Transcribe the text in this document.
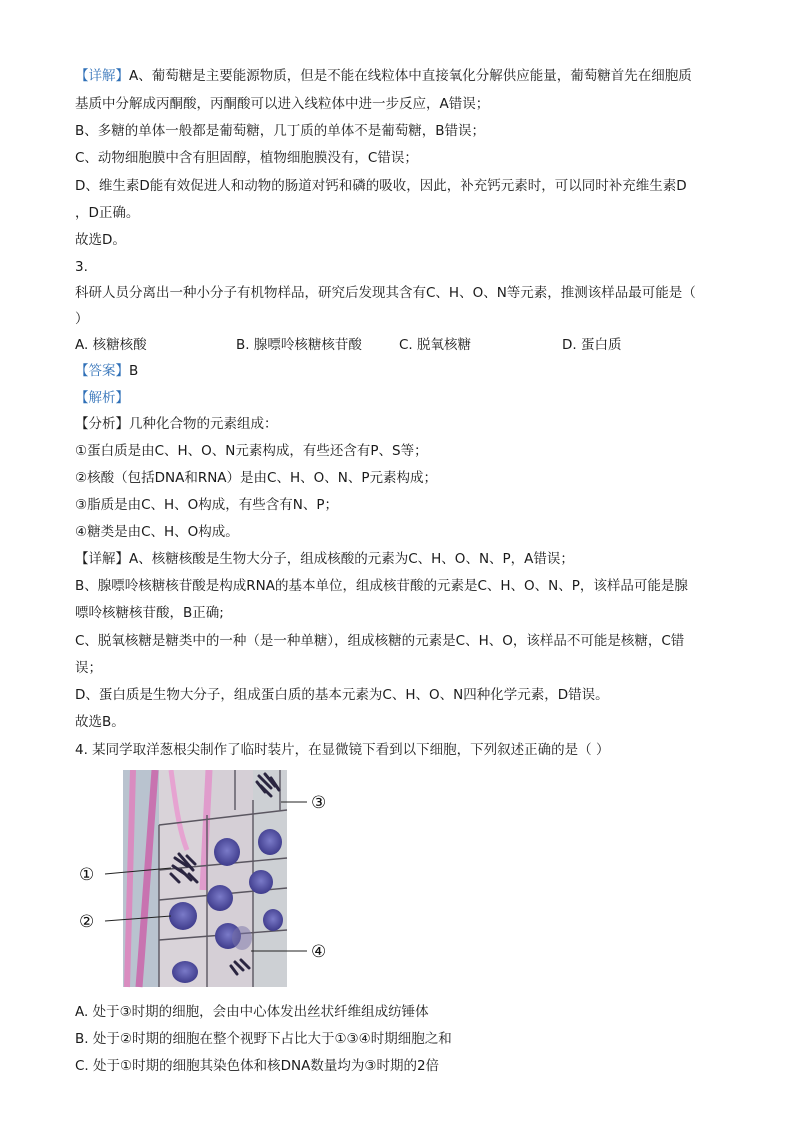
【详解】A、葡萄糖是主要能源物质，但是不能在线粒体中直接氧化分解供应能量，葡萄糖首先在细胞质
基质中分解成丙酮酸，丙酮酸可以进入线粒体中进一步反应，A错误；
B、多糖的单体一般都是葡萄糖，几丁质的单体不是葡萄糖，B错误；
C、动物细胞膜中含有胆固醇，植物细胞膜没有，C错误；
D、维生素D能有效促进人和动物的肠道对钙和磷的吸收，因此，补充钙元素时，可以同时补充维生素D
，D正确。
故选D。
3.
科研人员分离出一种小分子有机物样品，研究后发现其含有C、H、O、N等元素，推测该样品最可能是（
）
A. 核糖核酸	B. 腺嘌呤核糖核苷酸	C. 脱氧核糖	D. 蛋白质
【答案】B
【解析】
【分析】几种化合物的元素组成：
①蛋白质是由C、H、O、N元素构成，有些还含有P、S等；
②核酸（包括DNA和RNA）是由C、H、O、N、P元素构成；
③脂质是由C、H、O构成，有些含有N、P；
④糖类是由C、H、O构成。
【详解】A、核糖核酸是生物大分子，组成核酸的元素为C、H、O、N、P，A错误；
B、腺嘌呤核糖核苷酸是构成RNA的基本单位，组成核苷酸的元素是C、H、O、N、P，该样品可能是腺
嘌呤核糖核苷酸，B正确;
C、脱氧核糖是糖类中的一种（是一种单糖），组成核糖的元素是C、H、O，该样品不可能是核糖，C错
误；
D、蛋白质是生物大分子，组成蛋白质的基本元素为C、H、O、N四种化学元素，D错误。
故选B。
4. 某同学取洋葱根尖制作了临时装片，在显微镜下看到以下细胞，下列叙述正确的是（ ）
①
②
③
④
A. 处于③时期的细胞，会由中心体发出丝状纤维组成纺锤体
B. 处于②时期的细胞在整个视野下占比大于①③④时期细胞之和
C. 处于①时期的细胞其染色体和核DNA数量均为③时期的2倍
